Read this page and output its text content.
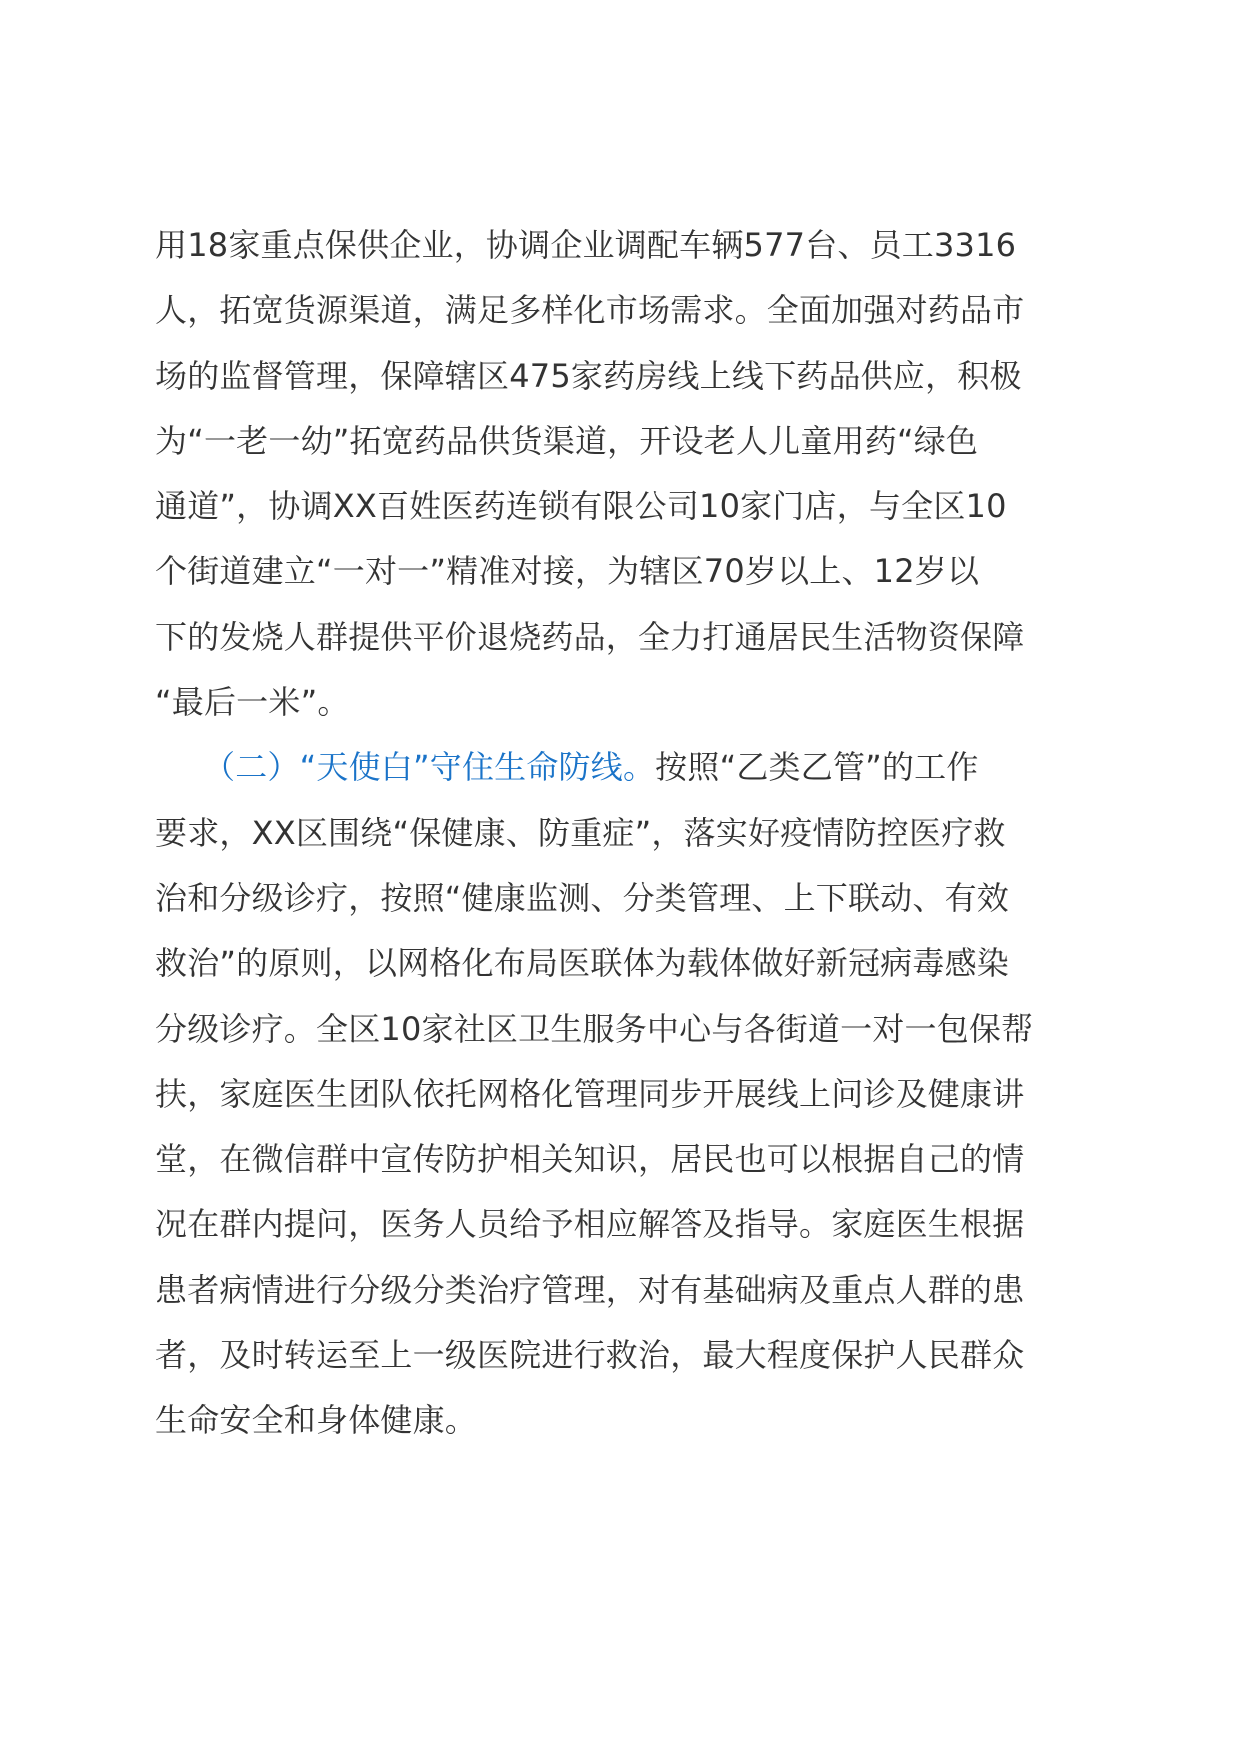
用18家重点保供企业，协调企业调配车辆577台、员工3316
人，拓宽货源渠道，满足多样化市场需求。全面加强对药品市
场的监督管理，保障辖区475家药房线上线下药品供应，积极
为“一老一幼”拓宽药品供货渠道，开设老人儿童用药“绿色
通道”，协调XX百姓医药连锁有限公司10家门店，与全区10
个街道建立“一对一”精准对接，为辖区70岁以上、12岁以
下的发烧人群提供平价退烧药品，全力打通居民生活物资保障
“最后一米”。
（二）“天使白”守住生命防线。按照“乙类乙管”的工作
要求，XX区围绕“保健康、防重症”，落实好疫情防控医疗救
治和分级诊疗，按照“健康监测、分类管理、上下联动、有效
救治”的原则，以网格化布局医联体为载体做好新冠病毒感染
分级诊疗。全区10家社区卫生服务中心与各街道一对一包保帮
扶，家庭医生团队依托网格化管理同步开展线上问诊及健康讲
堂，在微信群中宣传防护相关知识，居民也可以根据自己的情
况在群内提问，医务人员给予相应解答及指导。家庭医生根据
患者病情进行分级分类治疗管理，对有基础病及重点人群的患
者，及时转运至上一级医院进行救治，最大程度保护人民群众
生命安全和身体健康。
